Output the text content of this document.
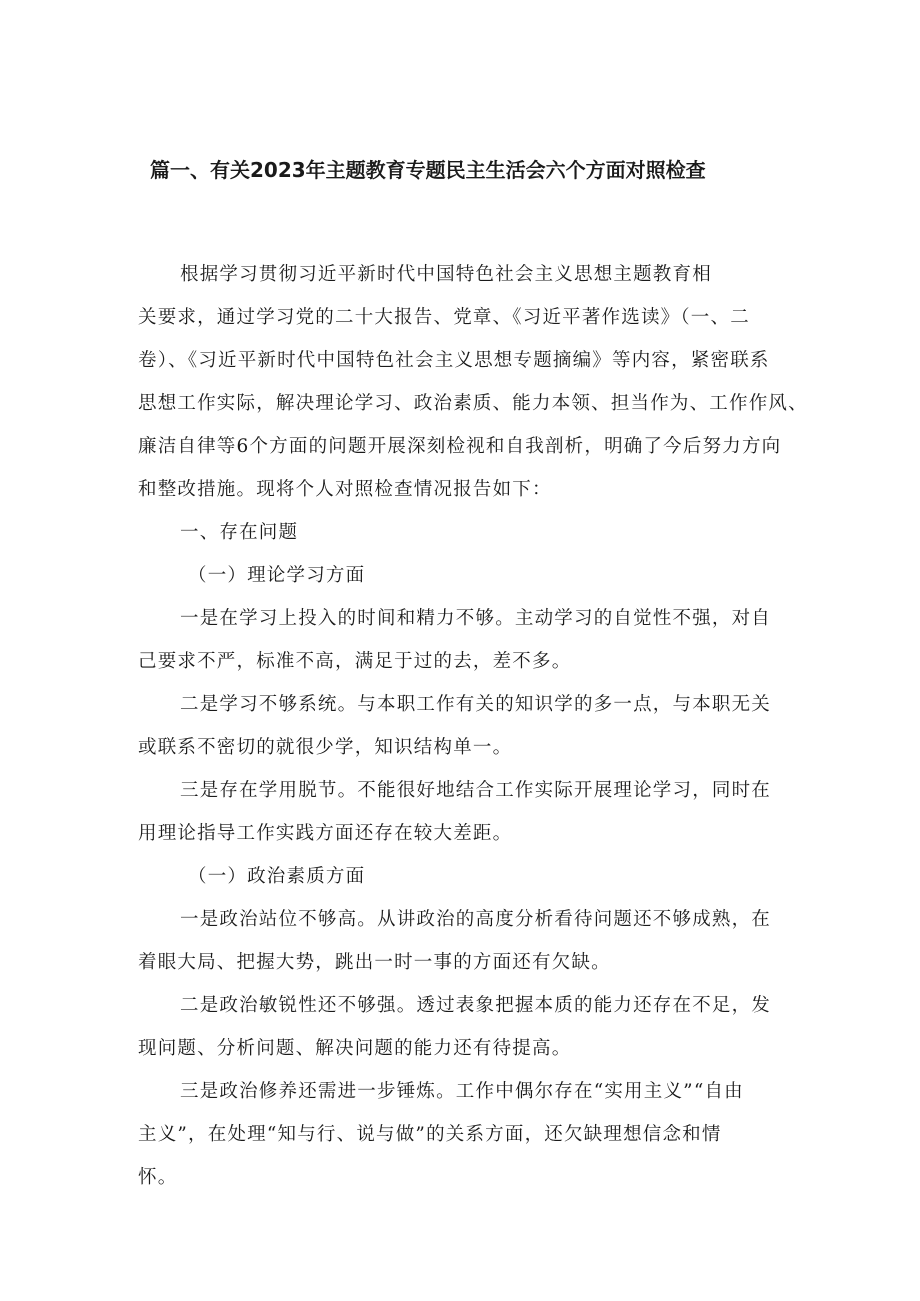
篇一、有关2023年主题教育专题民主生活会六个方面对照检查
根据学习贯彻习近平新时代中国特色社会主义思想主题教育相
关要求，通过学习党的二十大报告、党章、《习近平著作选读》（一、二
卷）、《习近平新时代中国特色社会主义思想专题摘编》等内容，紧密联系
思想工作实际，解决理论学习、政治素质、能力本领、担当作为、工作作风、
廉洁自律等6个方面的问题开展深刻检视和自我剖析，明确了今后努力方向
和整改措施。现将个人对照检查情况报告如下：
一、存在问题
（一）理论学习方面
一是在学习上投入的时间和精力不够。主动学习的自觉性不强，对自
己要求不严，标准不高，满足于过的去，差不多。
二是学习不够系统。与本职工作有关的知识学的多一点，与本职无关
或联系不密切的就很少学，知识结构单一。
三是存在学用脱节。不能很好地结合工作实际开展理论学习，同时在
用理论指导工作实践方面还存在较大差距。
（一）政治素质方面
一是政治站位不够高。从讲政治的高度分析看待问题还不够成熟，在
着眼大局、把握大势，跳出一时一事的方面还有欠缺。
二是政治敏锐性还不够强。透过表象把握本质的能力还存在不足，发
现问题、分析问题、解决问题的能力还有待提高。
三是政治修养还需进一步锤炼。工作中偶尔存在“实用主义”“自由
主义”，在处理“知与行、说与做”的关系方面，还欠缺理想信念和情
怀。
